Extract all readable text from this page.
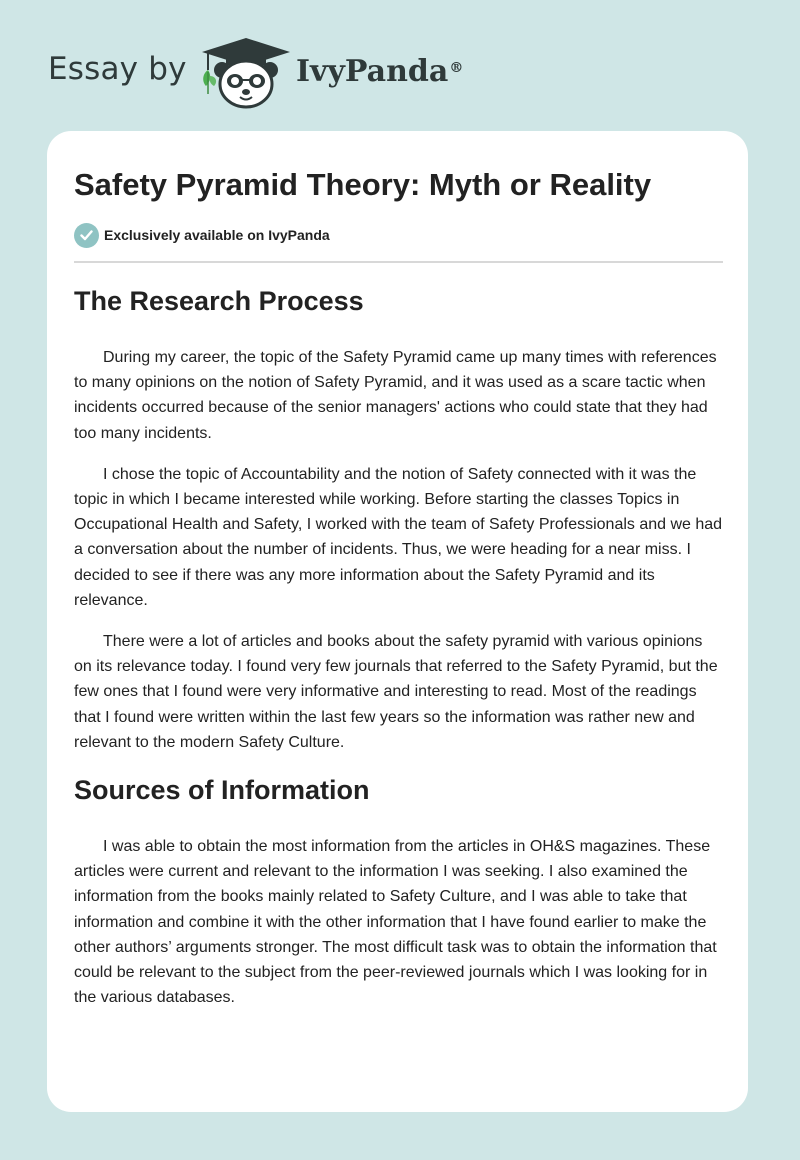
Essay by	IvyPanda®
Safety Pyramid Theory: Myth or Reality
Exclusively available on IvyPanda
The Research Process

During my career, the topic of the Safety Pyramid came up many times with references to many opinions on the notion of Safety Pyramid, and it was used as a scare tactic when incidents occurred because of the senior managers' actions who could state that they had too many incidents.

I chose the topic of Accountability and the notion of Safety connected with it was the topic in which I became interested while working. Before starting the classes Topics in Occupational Health and Safety, I worked with the team of Safety Professionals and we had a conversation about the number of incidents. Thus, we were heading for a near miss. I decided to see if there was any more information about the Safety Pyramid and its relevance.

There were a lot of articles and books about the safety pyramid with various opinions on its relevance today. I found very few journals that referred to the Safety Pyramid, but the few ones that I found were very informative and interesting to read. Most of the readings that I found were written within the last few years so the information was rather new and relevant to the modern Safety Culture.

Sources of Information

I was able to obtain the most information from the articles in OH&S magazines. These articles were current and relevant to the information I was seeking. I also examined the information from the books mainly related to Safety Culture, and I was able to take that information and combine it with the other information that I have found earlier to make the other authors’ arguments stronger. The most difficult task was to obtain the information that could be relevant to the subject from the peer-reviewed journals which I was looking for in the various databases.
